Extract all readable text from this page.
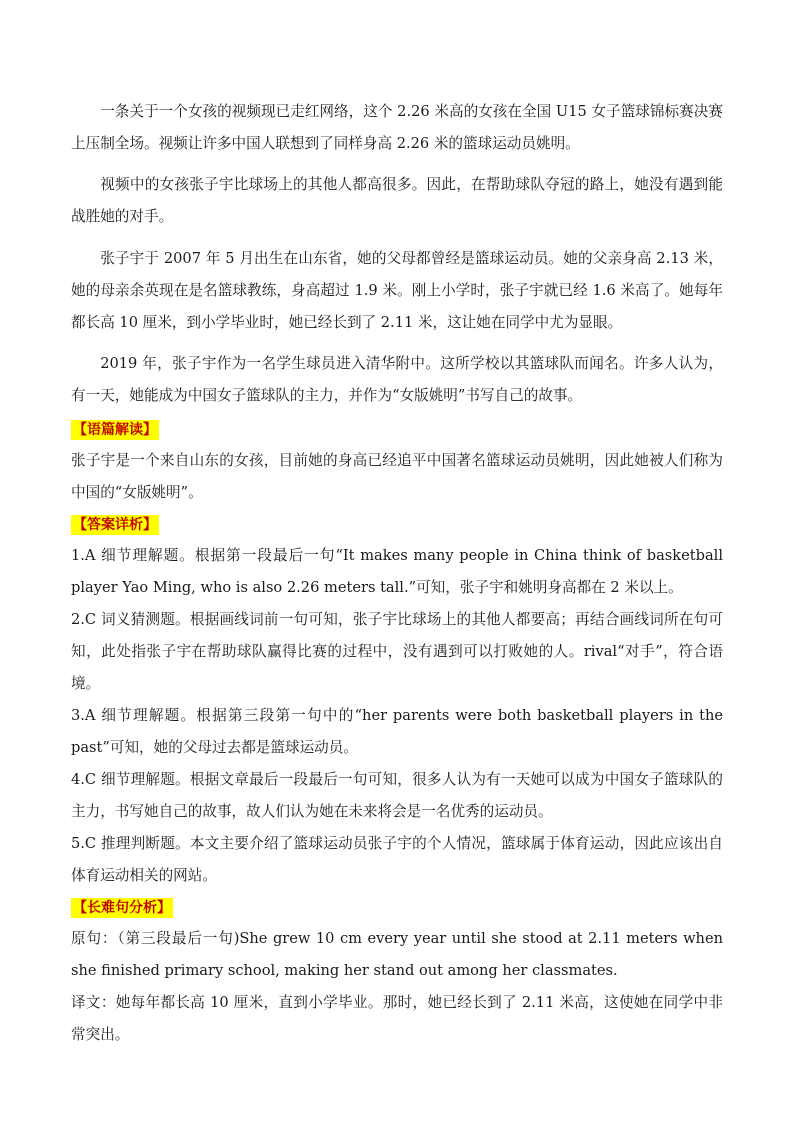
一条关于一个女孩的视频现已走红网络，这个 2.26 米高的女孩在全国 U15 女子篮球锦标赛决赛上压制全场。视频让许多中国人联想到了同样身高 2.26 米的篮球运动员姚明。

视频中的女孩张子宇比球场上的其他人都高很多。因此，在帮助球队夺冠的路上，她没有遇到能战胜她的对手。

张子宇于 2007 年 5 月出生在山东省，她的父母都曾经是篮球运动员。她的父亲身高 2.13 米，她的母亲余英现在是名篮球教练，身高超过 1.9 米。刚上小学时，张子宇就已经 1.6 米高了。她每年都长高 10 厘米，到小学毕业时，她已经长到了 2.11 米，这让她在同学中尤为显眼。

2019 年，张子宇作为一名学生球员进入清华附中。这所学校以其篮球队而闻名。许多人认为，有一天，她能成为中国女子篮球队的主力，并作为“女版姚明”书写自己的故事。

【语篇解读】

张子宇是一个来自山东的女孩，目前她的身高已经追平中国著名篮球运动员姚明，因此她被人们称为中国的“女版姚明”。

【答案详析】

1.A 细节理解题。根据第一段最后一句“It makes many people in China think of basketball player Yao Ming, who is also 2.26 meters tall.”可知，张子宇和姚明身高都在 2 米以上。

2.C 词义猜测题。根据画线词前一句可知，张子宇比球场上的其他人都要高；再结合画线词所在句可知，此处指张子宇在帮助球队赢得比赛的过程中，没有遇到可以打败她的人。rival“对手”，符合语境。

3.A 细节理解题。根据第三段第一句中的“her parents were both basketball players in the past”可知，她的父母过去都是篮球运动员。

4.C 细节理解题。根据文章最后一段最后一句可知，很多人认为有一天她可以成为中国女子篮球队的主力，书写她自己的故事，故人们认为她在未来将会是一名优秀的运动员。

5.C 推理判断题。本文主要介绍了篮球运动员张子宇的个人情况，篮球属于体育运动，因此应该出自体育运动相关的网站。

【长难句分析】

原句：（第三段最后一句)She grew 10 cm every year until she stood at 2.11 meters when she finished primary school, making her stand out among her classmates.

译文：她每年都长高 10 厘米，直到小学毕业。那时，她已经长到了 2.11 米高，这使她在同学中非常突出。
